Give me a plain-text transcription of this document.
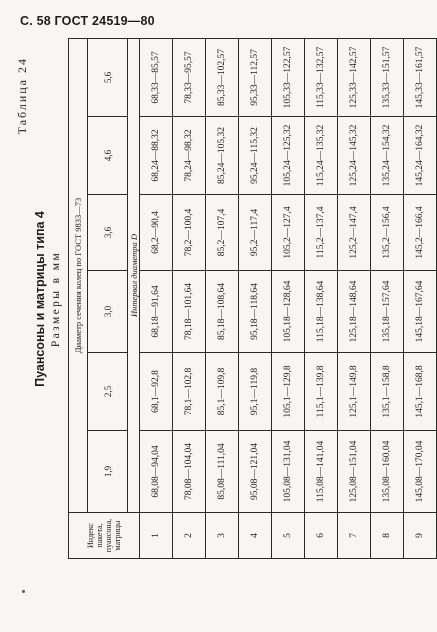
С. 58 ГОСТ 24519—80
Таблица 24
Пуансоны и матрицы типа 4 Размеры в мм
Индекс пакета, пуансона, матрицы	Диаметр сечения колец по ГОСТ 9833—73					
	1,9	2,5	3,0	3,6	4,6	5,6
	Интервал диаметра D					
1	68,08—94,04	68,1—92,8	68,18—91,64	68,2—90,4	68,24—88,32	68,33—85,57
2	78,08—104,04	78,1—102,8	78,18—101,64	78,2—100,4	78,24—98,32	78,33—95,57
3	85,08—111,04	85,1—109,8	85,18—108,64	85,2—107,4	85,24—105,32	85,33—102,57
4	95,08—121,04	95,1—119,8	95,18—118,64	95,2—117,4	95,24—115,32	95,33—112,57
5	105,08—131,04	105,1—129,8	105,18—128,64	105,2—127,4	105,24—125,32	105,33—122,57
6	115,08—141,04	115,1—139,8	115,18—138,64	115,2—137,4	115,24—135,32	115,33—132,57
7	125,08—151,04	125,1—149,8	125,18—148,64	125,2—147,4	125,24—145,32	125,33—142,57
8	135,08—160,04	135,1—158,8	135,18—157,64	135,2—156,4	135,24—154,32	135,33—151,57
9	145,08—170,04	145,1—168,8	145,18—167,64	145,2—166,4	145,24—164,32	145,33—161,57
